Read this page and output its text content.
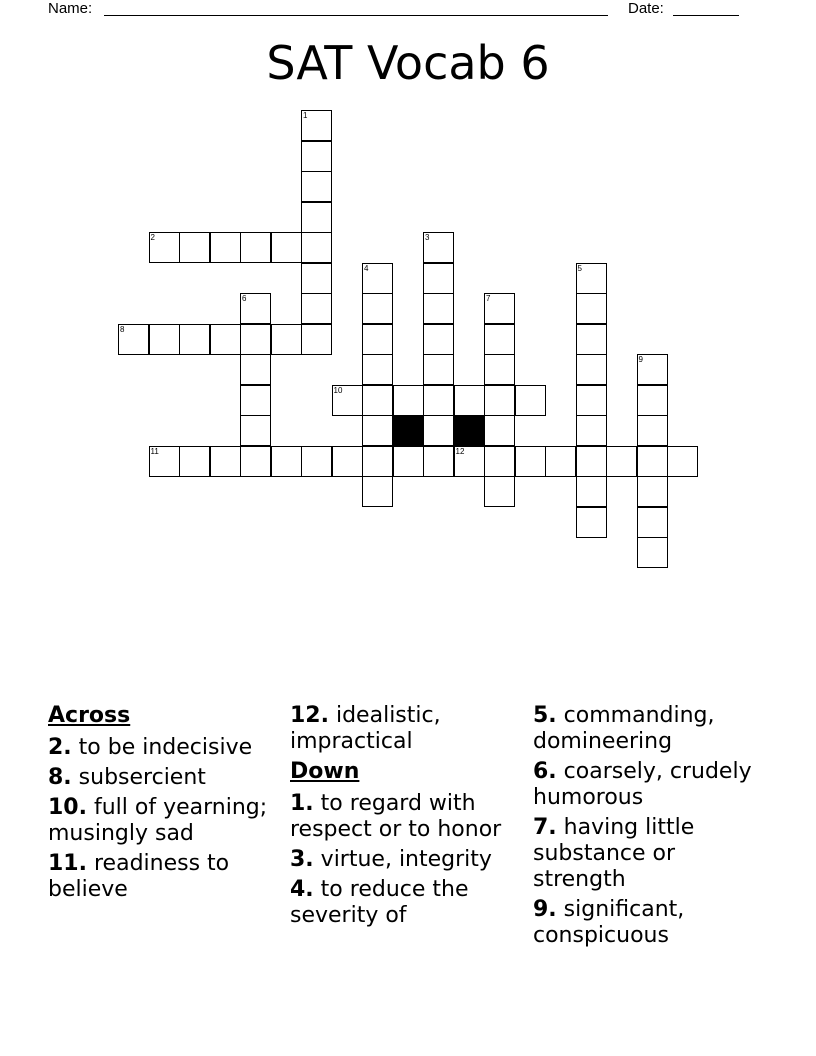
Name:	Date:
SAT Vocab 6
1
3
4	5
6	7
9
2
8
10
11	12
Across
2. to be indecisive
8. subsercient
10. full of yearning; musingly sad
11. readiness to believe
12. idealistic, impractical
Down
1. to regard with respect or to honor
3. virtue, integrity
4. to reduce the severity of
5. commanding, domineering
6. coarsely, crudely humorous
7. having little substance or strength
9. significant, conspicuous
